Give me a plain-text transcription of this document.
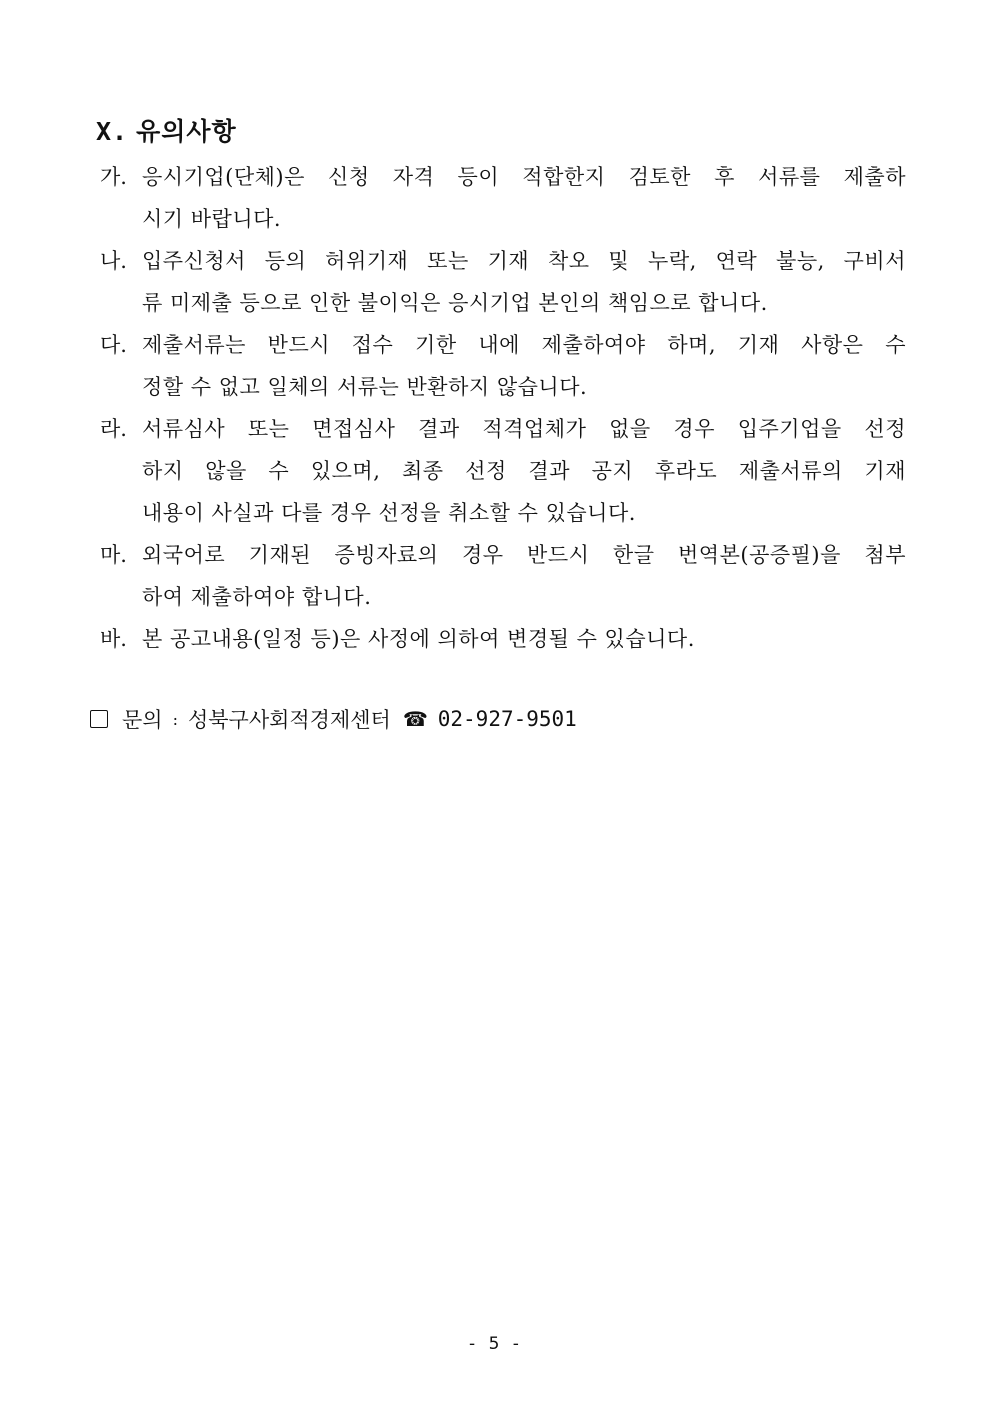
X. 유의사항
가. 응시기업(단체)은 신청 자격 등이 적합한지 검토한 후 서류를 제출하
시기 바랍니다.
나. 입주신청서 등의 허위기재 또는 기재 착오 및 누락, 연락 불능, 구비서
류 미제출 등으로 인한 불이익은 응시기업 본인의 책임으로 합니다.
다. 제출서류는 반드시 접수 기한 내에 제출하여야 하며, 기재 사항은 수
정할 수 없고 일체의 서류는 반환하지 않습니다.
라. 서류심사 또는 면접심사 결과 적격업체가 없을 경우 입주기업을 선정
하지 않을 수 있으며, 최종 선정 결과 공지 후라도 제출서류의 기재
내용이 사실과 다를 경우 선정을 취소할 수 있습니다.
마. 외국어로 기재된 증빙자료의 경우 반드시 한글 번역본(공증필)을 첨부
하여 제출하여야 합니다.
바. 본 공고내용(일정 등)은 사정에 의하여 변경될 수 있습니다.
문의 : 성북구사회적경제센터 ☎ 02-927-9501
- 5 -
